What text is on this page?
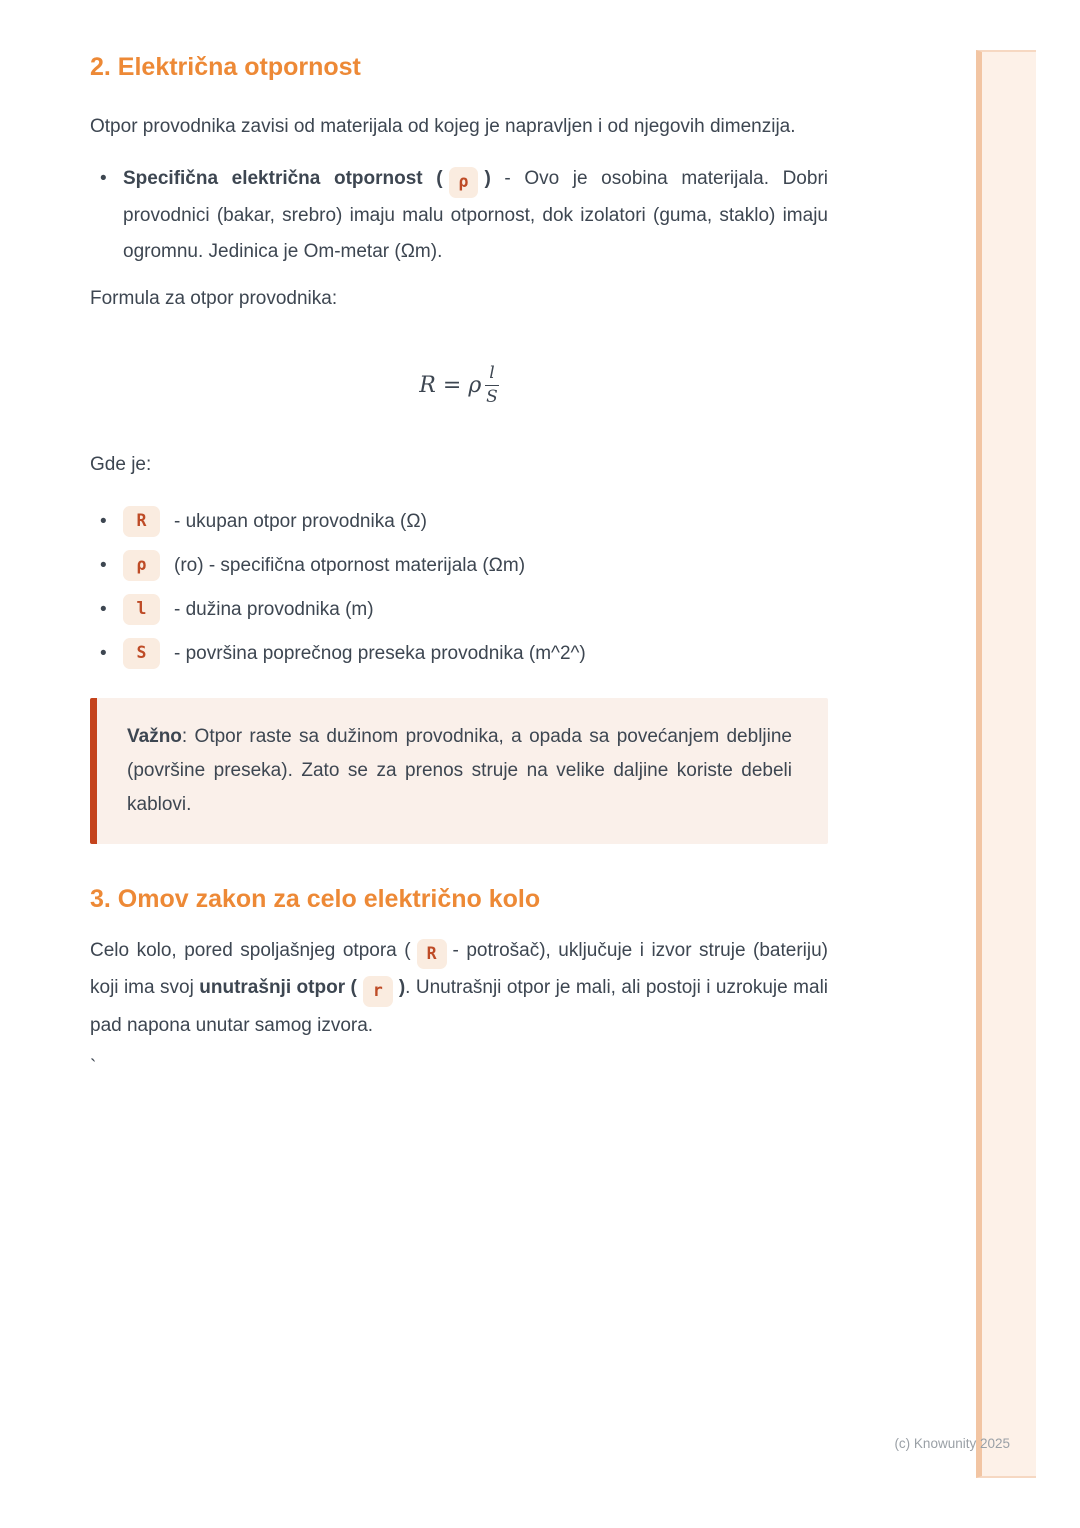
2. Električna otpornost

Otpor provodnika zavisi od materijala od kojeg je napravljen i od njegovih dimenzija.

• Specifična električna otpornost ( ρ ) - Ovo je osobina materijala. Dobri provodnici (bakar, srebro) imaju malu otpornost, dok izolatori (guma, staklo) imaju ogromnu. Jedinica je Om-metar (Ωm).

Formula za otpor provodnika:

R = ρ $\frac{l}{S}$

Gde je:

• R	- ukupan otpor provodnika (Ω)
• ρ	(ro) - specifična otpornost materijala (Ωm)
• l	- dužina provodnika (m)
• S	- površina poprečnog preseka provodnika (m^2^)

Važno: Otpor raste sa dužinom provodnika, a opada sa povećanjem debljine (površine preseka). Zato se za prenos struje na velike daljine koriste debeli kablovi.

3. Omov zakon za celo električno kolo

Celo kolo, pored spoljašnjeg otpora ( R - potrošač), uključuje i izvor struje (bateriju) koji ima svoj unutrašnji otpor ( r ). Unutrašnji otpor je mali, ali postoji i uzrokuje mali pad napona unutar samog izvora.

`

(c) Knowunity 2025
